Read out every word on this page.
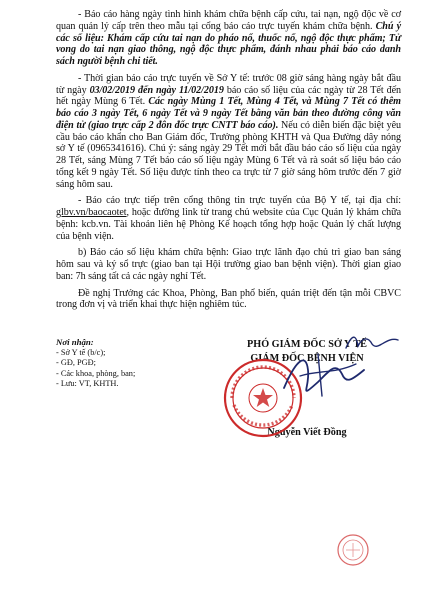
- Báo cáo hàng ngày tình hình khám chữa bệnh cấp cứu, tai nạn, ngộ độc về cơ quan quản lý cấp trên theo mẫu tại cổng báo cáo trực tuyến khám chữa bệnh. Chú ý các số liệu: Khám cấp cứu tai nạn do pháo nổ, thuốc nổ, ngộ độc thực phẩm; Tử vong do tai nạn giao thông, ngộ độc thực phẩm, đánh nhau phải báo cáo danh sách người bệnh chi tiết.

- Thời gian báo cáo trực tuyến về Sở Y tế: trước 08 giờ sáng hàng ngày bắt đầu từ ngày 03/02/2019 đến ngày 11/02/2019 báo cáo số liệu của các ngày từ 28 Tết đến hết ngày Mùng 6 Tết. Các ngày Mùng 1 Tết, Mùng 4 Tết, và Mùng 7 Tết có thêm báo cáo 3 ngày Tết, 6 ngày Tết và 9 ngày Tết bằng văn bản theo đường công văn điện tử (giao trực cấp 2 đôn đốc trực CNTT báo cáo). Nếu có diễn biến đặc biệt yêu cầu báo cáo khẩn cho Ban Giám đốc, Trưởng phòng KHTH và Qua Đường dây nóng sở Y tế (0965341616). Chú ý: sáng ngày 29 Tết mới bắt đầu báo cáo số liệu của ngày 28 Tết, sáng Mùng 7 Tết báo cáo số liệu ngày Mùng 6 Tết và rà soát số liệu báo cáo tổng kết 9 ngày Tết. Số liệu được tính theo ca trực từ 7 giờ sáng hôm trước đến 7 giờ sáng hôm sau.

- Báo cáo trực tiếp trên cổng thông tin trực tuyến của Bộ Y tế, tại địa chỉ: glbv.vn/baocaotet, hoặc đường link từ trang chủ website của Cục Quản lý khám chữa bệnh: kcb.vn. Tài khoản liên hệ Phòng Kế hoạch tổng hợp hoặc Quản lý chất lượng của bệnh viện.

b) Báo cáo số liệu khám chữa bệnh: Giao trực lãnh đạo chủ trì giao ban sáng hôm sau và ký sổ trực (giao ban tại Hội trường giao ban bệnh viện). Thời gian giao ban: 7h sáng tất cả các ngày nghỉ Tết.

Đề nghị Trưởng các Khoa, Phòng, Ban phổ biến, quán triệt đến tận mỗi CBVC trong đơn vị và triển khai thực hiện nghiêm túc.

Nơi nhận:
- Sở Y tế (b/c);
- GĐ, PGĐ;
- Các khoa, phòng, ban;
- Lưu: VT, KHTH.
PHÓ GIÁM ĐỐC SỞ Y TẾ
GIÁM ĐỐC BỆNH VIỆN
Nguyễn Viết Đồng
